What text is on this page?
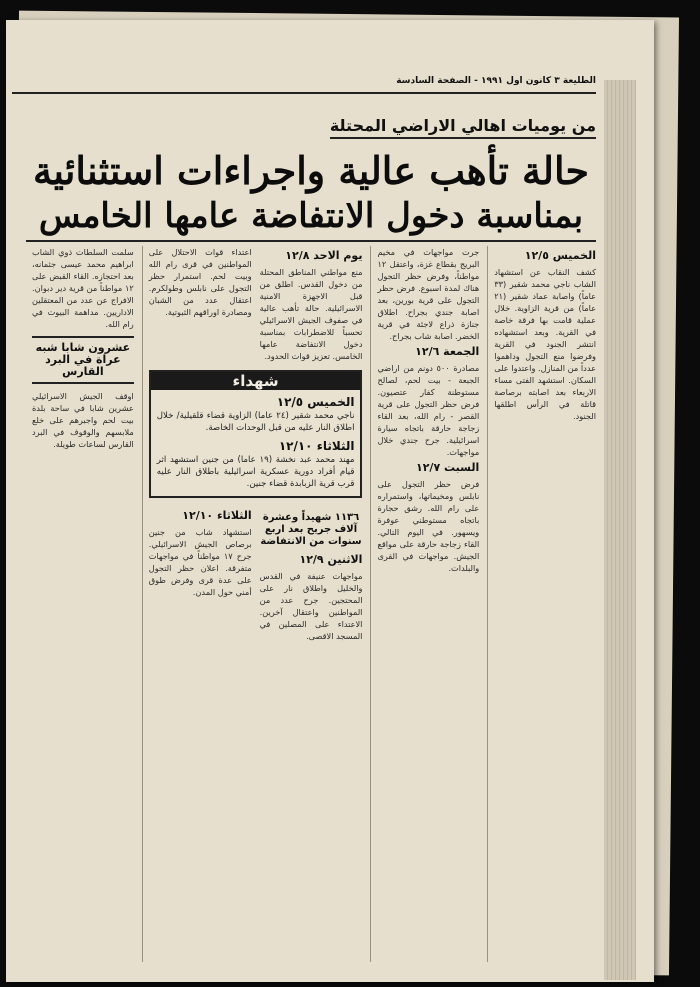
الطليعة ٣ كانون اول ١٩٩١ - الصفحة السادسة
من يوميات اهالي الاراضي المحتلة
حالة تأهب عالية واجراءات استثنائية
بمناسبة دخول الانتفاضة عامها الخامس
الخميس ١٢/٥
كشف النقاب عن استشهاد الشاب ناجي محمد شقير (٣٣ عاماً) واصابة عماد شقير (٢١ عاماً) من قرية الزاوية. خلال عملية قامت بها فرقة خاصة في القرية. وبعد استشهاده انتشر الجنود في القرية وفرضوا منع التجول وداهموا عدداً من المنازل. واعتدوا على السكان. استشهد الفتى مساء الاربعاء بعد اصابته برصاصة قاتلة في الرأس اطلقها الجنود.
جرت مواجهات في مخيم البريج بقطاع غزة، واعتقل ١٢ مواطناً، وفرض حظر التجول هناك لمدة اسبوع. فرض حظر التجول على قرية بورين، بعد اصابة جندي بجراح. اطلاق جنازة ذراع لاجئة في قرية الخضر. اصابة شاب بجراح.
الجمعة ١٢/٦
مصادرة ٥٠٠ دونم من اراضي الجبعة - بيت لحم، لصالح مستوطنة كفار عتصيون. فرض حظر التجول على قرية القصر - رام الله، بعد القاء زجاجة حارقة باتجاه سيارة اسرائيلية. جرح جندي خلال مواجهات.
السبت ١٢/٧
فرض حظر التجول على نابلس ومخيماتها، واستمراره على رام الله. رشق حجارة باتجاه مستوطني عوفرة ويسهور. في اليوم التالي. القاء زجاجة حارقة على مواقع الجيش. مواجهات في القرى والبلدات.
يوم الاحد ١٢/٨
منع مواطني المناطق المحتلة من دخول القدس. اطلق من قبل الاجهزة الامنية الاسرائيلية. حالة تأهب عالية في صفوف الجيش الاسرائيلي تحسباً للاضطرابات بمناسبة دخول الانتفاضة عامها الخامس. تعزيز قوات الحدود.
اعتداء قوات الاحتلال على المواطنين في قرى رام الله وبيت لحم. استمرار حظر التجول على نابلس وطولكرم. اعتقال عدد من الشبان ومصادرة اوراقهم الثبوتية.
شهداء
الخميس ١٢/٥

ناجي محمد شقير (٢٤ عاما) الزاوية قضاء قلقيلية/ خلال اطلاق النار عليه من قبل الوحدات الخاصة.

الثلاثاء ١٢/١٠

مهند محمد عبد نخشة (١٩ عاما) من جنين استشهد اثر قيام أفراد دورية عسكرية اسرائيلية باطلاق النار عليه قرب قرية الزبابدة قضاء جنين.

١١٣٦ شهيداً وعشرة آلاف جريح بعد اربع سنوات من الانتفاضة
الاثنين ١٢/٩
مواجهات عنيفة في القدس والخليل واطلاق نار على المحتجين. جرح عدد من المواطنين واعتقال آخرين. الاعتداء على المصلين في المسجد الاقصى.
الثلاثاء ١٢/١٠
استشهاد شاب من جنين برصاص الجيش الاسرائيلي. جرح ١٧ مواطناً في مواجهات متفرقة. اعلان حظر التجول على عدة قرى وفرض طوق أمني حول المدن.
سلمت السلطات ذوي الشاب ابراهيم محمد عيسى جثمانه، بعد احتجازه. القاء القبض على ١٢ مواطناً من قرية دير دبوان. الافراج عن عدد من المعتقلين الاداريين. مداهمة البيوت في رام الله.
عشرون شابا شبه عراة في البرد القارس
اوقف الجيش الاسرائيلي عشرين شابا في ساحة بلدة بيت لحم واجبرهم على خلع ملابسهم والوقوف في البرد القارس لساعات طويلة.
